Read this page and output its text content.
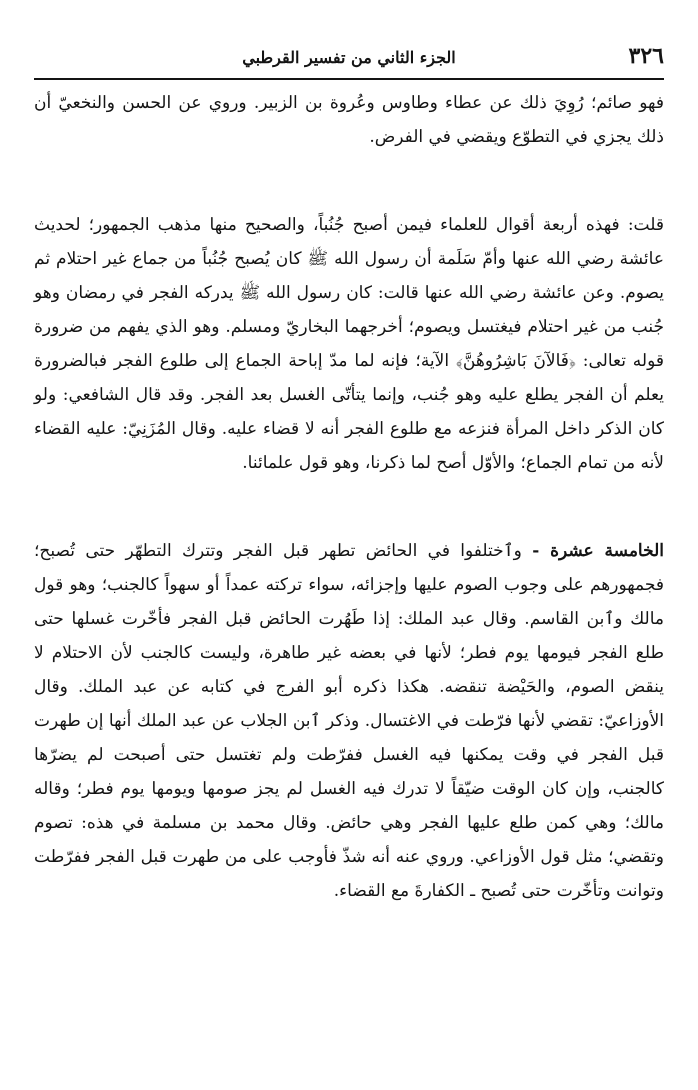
٣٢٦
الجزء الثاني من تفسير القرطبي

فهو صائم؛ رُوِيَ ذلك عن عطاء وطاوس وعُروة بن الزبير. وروي عن الحسن والنخعيّ أن ذلك يجزي في التطوّع ويقضي في الفرض.

قلت: فهذه أربعة أقوال للعلماء فيمن أصبح جُنُباً، والصحيح منها مذهب الجمهور؛ لحديث عائشة رضي الله عنها وأمّ سَلَمة أن رسول الله ﷺ كان يُصبح جُنُباً من جماع غير احتلام ثم يصوم. وعن عائشة رضي الله عنها قالت: كان رسول الله ﷺ يدركه الفجر في رمضان وهو جُنب من غير احتلام فيغتسل ويصوم؛ أخرجهما البخاريّ ومسلم. وهو الذي يفهم من ضرورة قوله تعالى: ﴿فَالآنَ بَاشِرُوهُنَّ﴾ الآية؛ فإنه لما مدّ إباحة الجماع إلى طلوع الفجر فبالضرورة يعلم أن الفجر يطلع عليه وهو جُنب، وإنما يتأتّى الغسل بعد الفجر. وقد قال الشافعي: ولو كان الذكر داخل المرأة فنزعه مع طلوع الفجر أنه لا قضاء عليه. وقال المُزَنِيّ: عليه القضاء لأنه من تمام الجماع؛ والأوّل أصح لما ذكرنا، وهو قول علمائنا.

الخامسة عشرة - وٱختلفوا في الحائض تطهر قبل الفجر وتترك التطهّر حتى تُصبح؛ فجمهورهم على وجوب الصوم عليها وإجزائه، سواء تركته عمداً أو سهواً كالجنب؛ وهو قول مالك وٱبن القاسم. وقال عبد الملك: إذا طَهُرت الحائض قبل الفجر فأخّرت غسلها حتى طلع الفجر فيومها يوم فطر؛ لأنها في بعضه غير طاهرة، وليست كالجنب لأن الاحتلام لا ينقض الصوم، والحَيْضة تنقضه. هكذا ذكره أبو الفرج في كتابه عن عبد الملك. وقال الأوزاعيّ: تقضي لأنها فرّطت في الاغتسال. وذكر ٱبن الجلاب عن عبد الملك أنها إن طهرت قبل الفجر في وقت يمكنها فيه الغسل ففرّطت ولم تغتسل حتى أصبحت لم يضرّها كالجنب، وإن كان الوقت ضيّقاً لا تدرك فيه الغسل لم يجز صومها ويومها يوم فطر؛ وقاله مالك؛ وهي كمن طلع عليها الفجر وهي حائض. وقال محمد بن مسلمة في هذه: تصوم وتقضي؛ مثل قول الأوزاعي. وروي عنه أنه شذّ فأوجب على من طهرت قبل الفجر ففرّطت وتوانت وتأخّرت حتى تُصبح ـ الكفارةَ مع القضاء.
